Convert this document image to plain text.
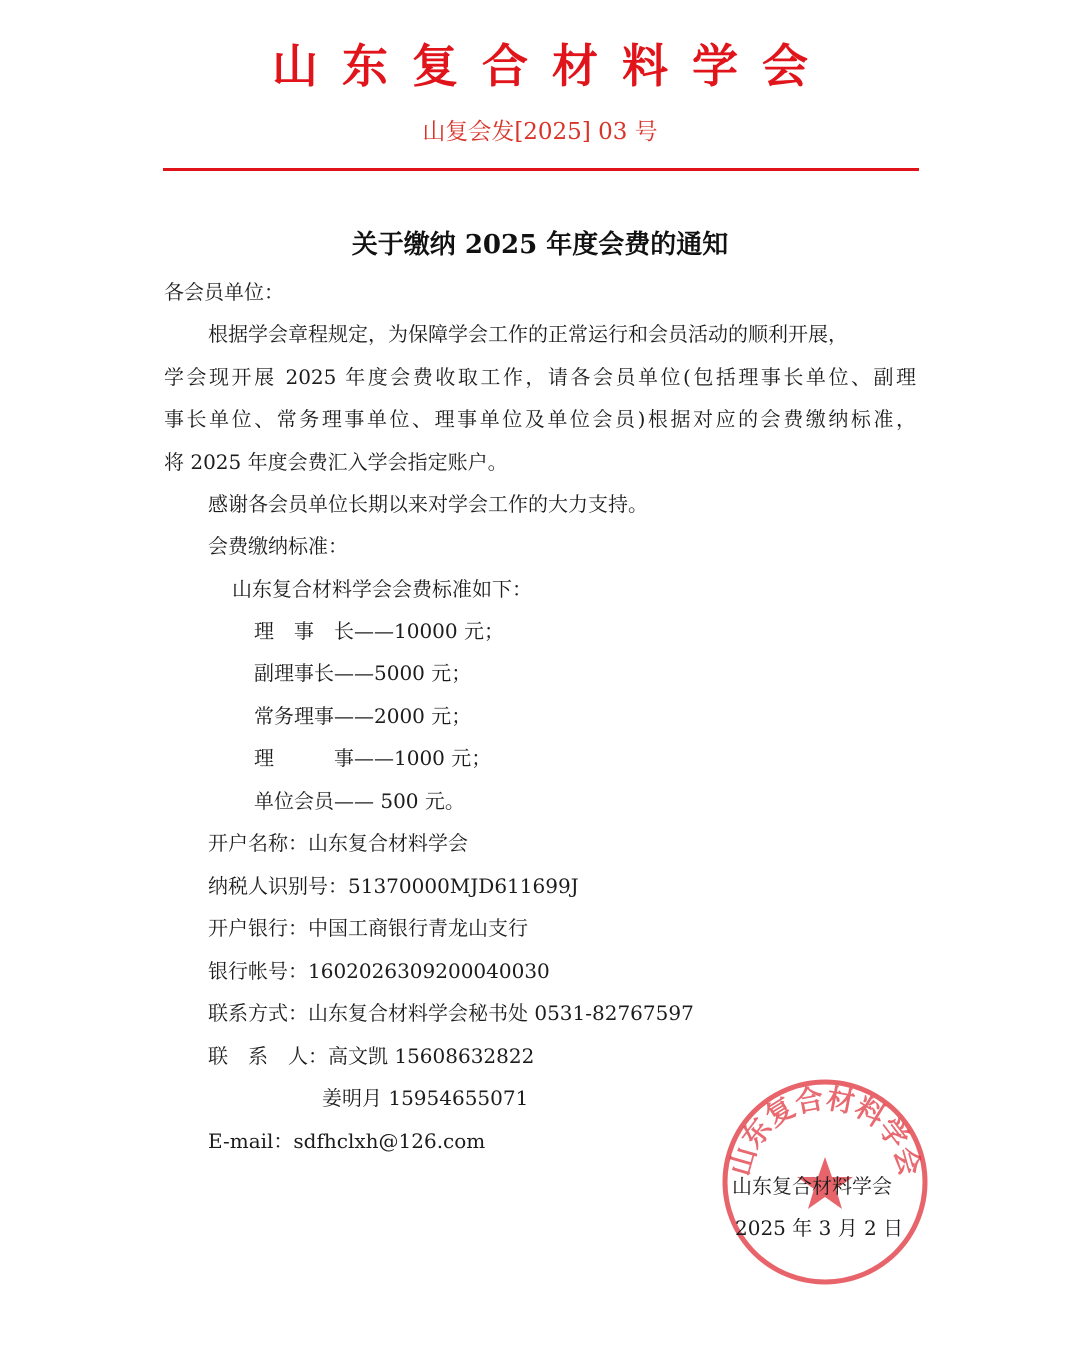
山东复合材料学会
山复会发[2025] 03 号
关于缴纳 2025 年度会费的通知
各会员单位：
根据学会章程规定，为保障学会工作的正常运行和会员活动的顺利开展，
学会现开展 2025 年度会费收取工作，请各会员单位(包括理事长单位、副理
事长单位、常务理事单位、理事单位及单位会员)根据对应的会费缴纳标准，
将 2025 年度会费汇入学会指定账户。
感谢各会员单位长期以来对学会工作的大力支持。
会费缴纳标准：
山东复合材料学会会费标准如下：
理　事　长——10000 元；
副理事长——5000 元；
常务理事——2000 元；
理　　　事——1000 元；
单位会员—— 500 元。
开户名称：山东复合材料学会
纳税人识别号：51370000MJD611699J
开户银行：中国工商银行青龙山支行
银行帐号：1602026309200040030
联系方式：山东复合材料学会秘书处 0531-82767597
联　系　人：高文凯 15608632822
姜明月 15954655071
E-mail：sdfhclxh@126.com
山东复合材料学会
山东复合材料学会
2025 年 3 月 2 日
